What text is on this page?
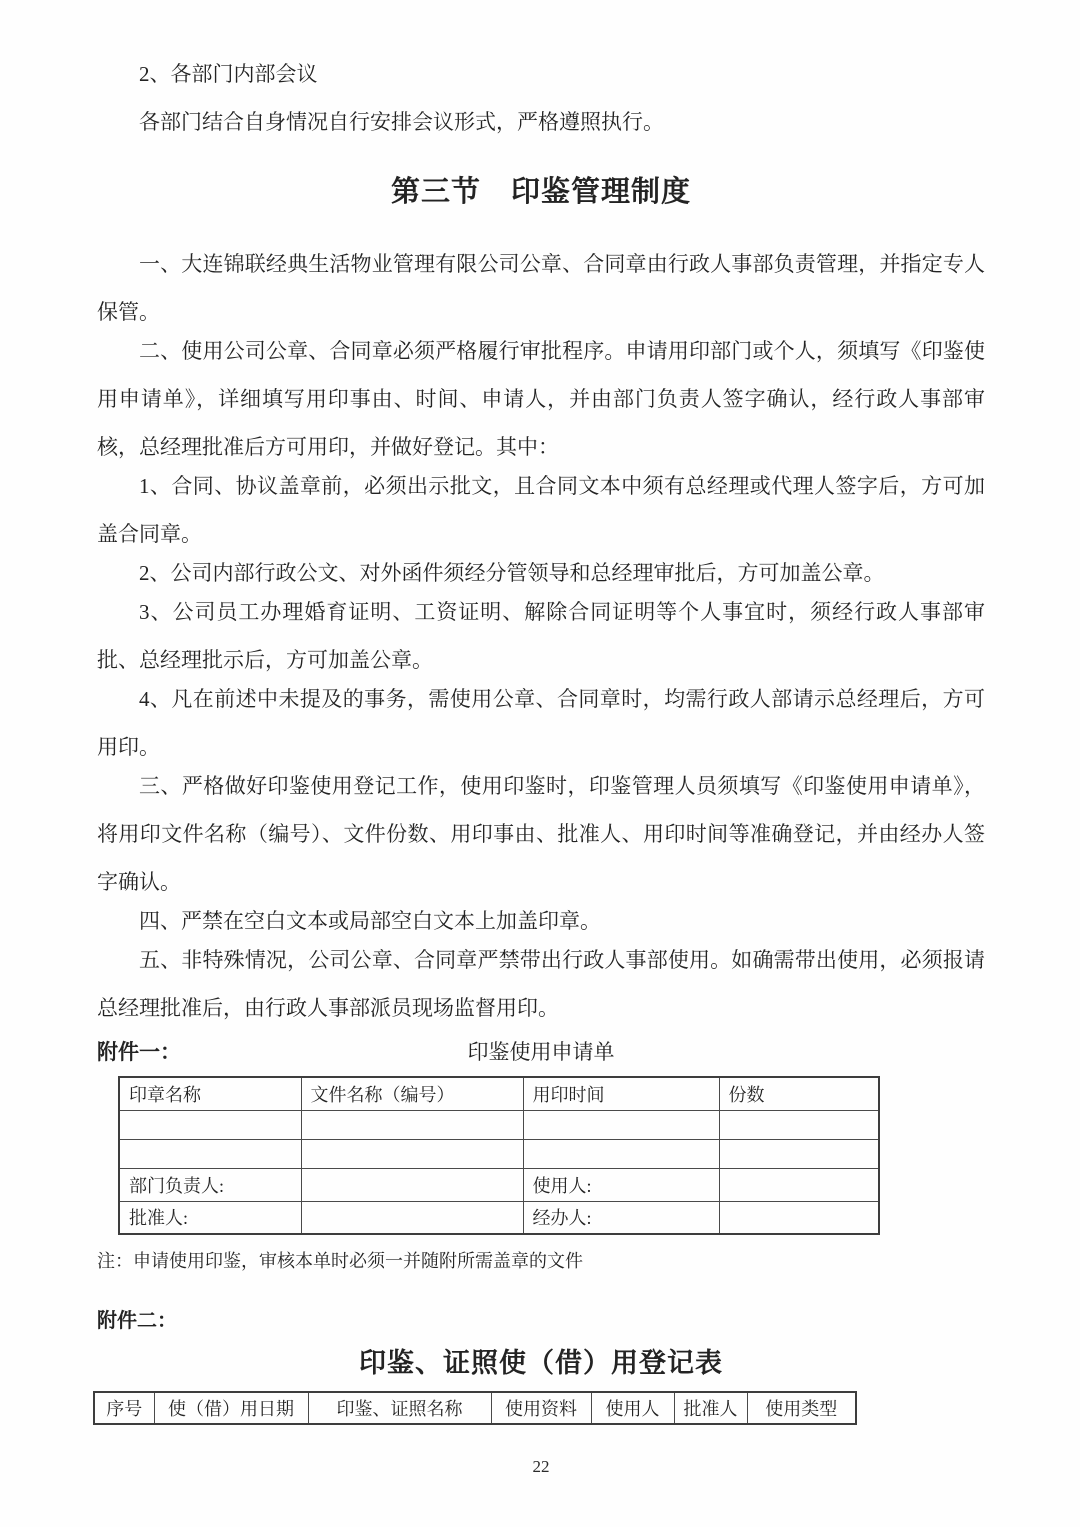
2、各部门内部会议

各部门结合自身情况自行安排会议形式，严格遵照执行。

第三节　印鉴管理制度

一、大连锦联经典生活物业管理有限公司公章、合同章由行政人事部负责管理，并指定专人保管。

二、使用公司公章、合同章必须严格履行审批程序。申请用印部门或个人，须填写《印鉴使用申请单》，详细填写用印事由、时间、申请人，并由部门负责人签字确认，经行政人事部审核，总经理批准后方可用印，并做好登记。其中：

1、合同、协议盖章前，必须出示批文，且合同文本中须有总经理或代理人签字后，方可加盖合同章。

2、公司内部行政公文、对外函件须经分管领导和总经理审批后，方可加盖公章。

3、公司员工办理婚育证明、工资证明、解除合同证明等个人事宜时，须经行政人事部审批、总经理批示后，方可加盖公章。

4、凡在前述中未提及的事务，需使用公章、合同章时，均需行政人部请示总经理后，方可用印。

三、严格做好印鉴使用登记工作，使用印鉴时，印鉴管理人员须填写《印鉴使用申请单》，将用印文件名称（编号）、文件份数、用印事由、批准人、用印时间等准确登记，并由经办人签字确认。

四、严禁在空白文本或局部空白文本上加盖印章。

五、非特殊情况，公司公章、合同章严禁带出行政人事部使用。如确需带出使用，必须报请总经理批准后，由行政人事部派员现场监督用印。

附件一：	印鉴使用申请单
印章名称	文件名称（编号）	用印时间	份数

部门负责人:		使用人:	
批准人:		经办人:	

注：申请使用印鉴，审核本单时必须一并随附所需盖章的文件

附件二：

印鉴、证照使（借）用登记表
序号	使（借）用日期	印鉴、证照名称	使用资料	使用人	批准人	使用类型
22
